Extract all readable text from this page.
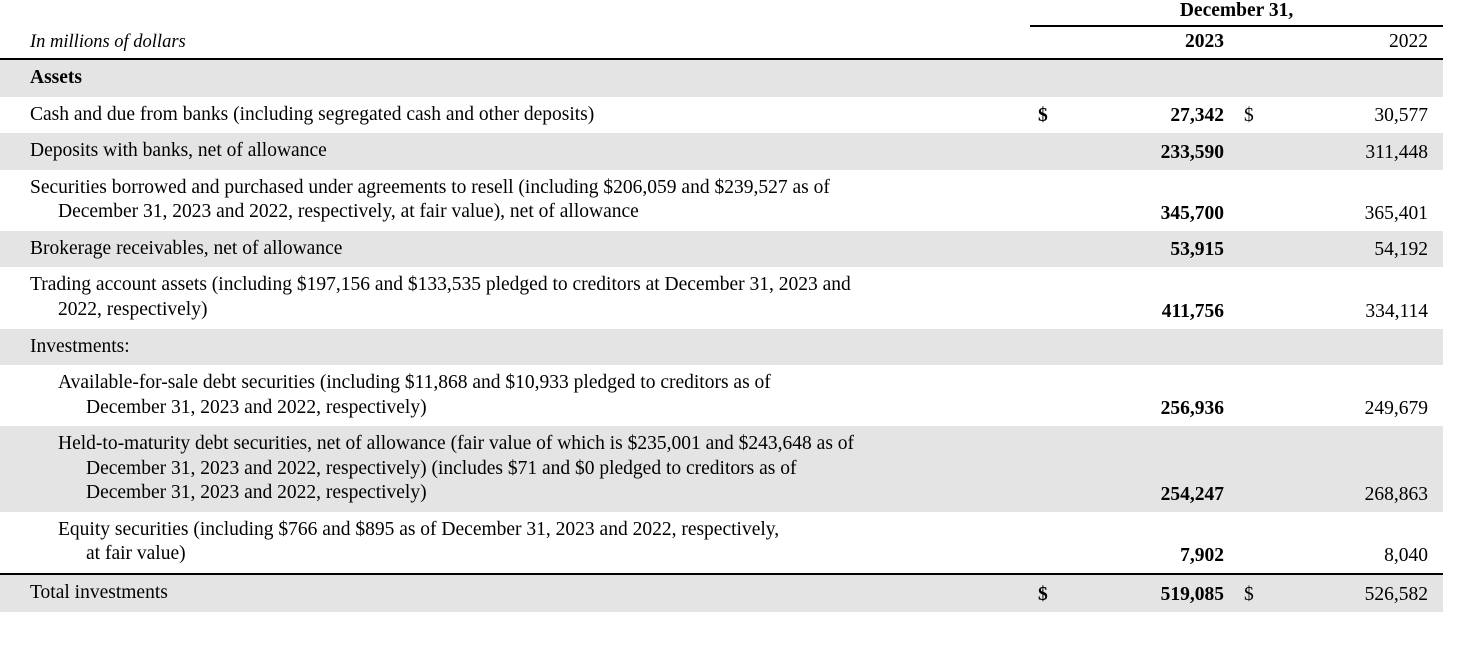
	December 31,			
In millions of dollars		2023		2022
Assets				
Cash and due from banks (including segregated cash and other deposits)	$	27,342	$	30,577
Deposits with banks, net of allowance		233,590		311,448

Securities borrowed and purchased under agreements to resell (including $206,059 and $239,527 as of
December 31, 2023 and 2022, respectively, at fair value), net of allowance		345,700		365,401
Brokerage receivables, net of allowance		53,915		54,192

Trading account assets (including $197,156 and $133,535 pledged to creditors at December 31, 2023 and
2022, respectively)		411,756		334,114
Investments:				

Available-for-sale debt securities (including $11,868 and $10,933 pledged to creditors as of
December 31, 2023 and 2022, respectively)		256,936		249,679

Held-to-maturity debt securities, net of allowance (fair value of which is $235,001 and $243,648 as of
December 31, 2023 and 2022, respectively) (includes $71 and $0 pledged to creditors as of
December 31, 2023 and 2022, respectively)		254,247		268,863

Equity securities (including $766 and $895 as of December 31, 2023 and 2022, respectively,
at fair value)		7,902		8,040
Total investments	$	519,085	$	526,582
